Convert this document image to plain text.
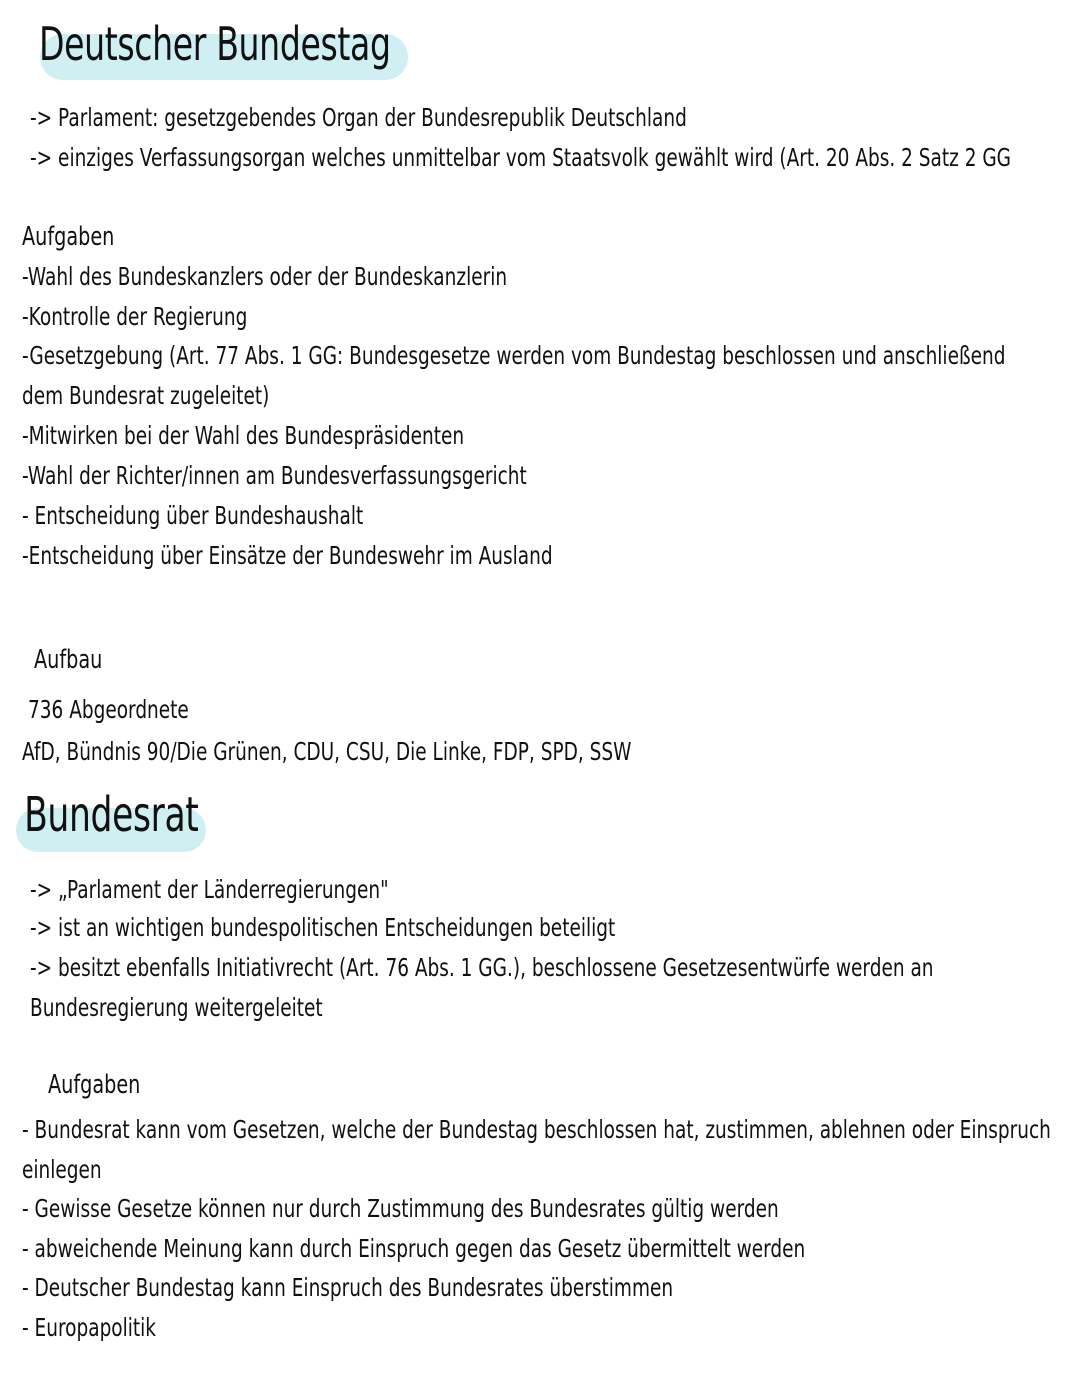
Deutscher Bundestag

-> Parlament: gesetzgebendes Organ der Bundesrepublik Deutschland

-> einziges Verfassungsorgan welches unmittelbar vom Staatsvolk gewählt wird (Art. 20 Abs. 2 Satz 2 GG

Aufgaben

-Wahl des Bundeskanzlers oder der Bundeskanzlerin

-Kontrolle der Regierung

-Gesetzgebung (Art. 77 Abs. 1 GG: Bundesgesetze werden vom Bundestag beschlossen und anschließend

dem Bundesrat zugeleitet)

-Mitwirken bei der Wahl des Bundespräsidenten

-Wahl der Richter/innen am Bundesverfassungsgericht

- Entscheidung über Bundeshaushalt

-Entscheidung über Einsätze der Bundeswehr im Ausland

Aufbau

736 Abgeordnete

AfD, Bündnis 90/Die Grünen, CDU, CSU, Die Linke, FDP, SPD, SSW

Bundesrat

-> „Parlament der Länderregierungen"

-> ist an wichtigen bundespolitischen Entscheidungen beteiligt

-> besitzt ebenfalls Initiativrecht (Art. 76 Abs. 1 GG.), beschlossene Gesetzesentwürfe werden an

Bundesregierung weitergeleitet

Aufgaben

- Bundesrat kann vom Gesetzen, welche der Bundestag beschlossen hat, zustimmen, ablehnen oder Einspruch

einlegen

- Gewisse Gesetze können nur durch Zustimmung des Bundesrates gültig werden

- abweichende Meinung kann durch Einspruch gegen das Gesetz übermittelt werden

- Deutscher Bundestag kann Einspruch des Bundesrates überstimmen

- Europapolitik
